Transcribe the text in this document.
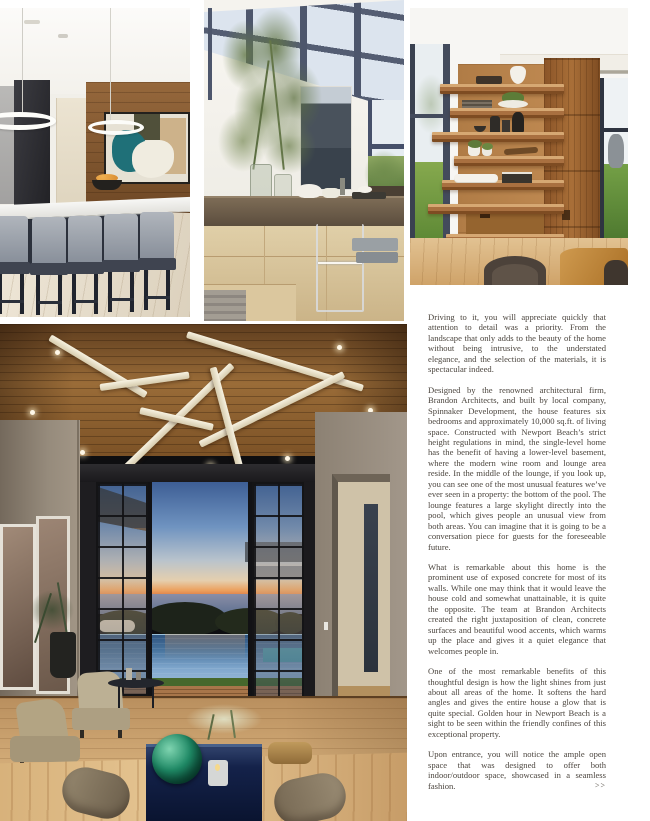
Driving to it, you will appreciate quickly that attention to detail was a priority. From the landscape that only adds to the beauty of the home without being intrusive, to the understated elegance, and the selection of the materials, it is spectacular indeed.

Designed by the renowned architectural firm, Brandon Architects, and built by local company, Spinnaker Development, the house features six bedrooms and approximately 10,000 sq.ft. of living space. Constructed with Newport Beach’s strict height regulations in mind, the single-level home has the benefit of having a lower-level basement, where the modern wine room and lounge area reside. In the middle of the lounge, if you look up, you can see one of the most unusual features we’ve ever seen in a property: the bottom of the pool. The lounge features a large skylight directly into the pool, which gives people an unusual view from both areas. You can imagine that it is going to be a conversation piece for guests for the foreseeable future.

What is remarkable about this home is the prominent use of exposed concrete for most of its walls. While one may think that it would leave the house cold and somewhat unattainable, it is quite the opposite. The team at Brandon Architects created the right juxtaposition of clean, concrete surfaces and beautiful wood accents, which warms up the place and gives it a quiet elegance that welcomes people in.

One of the most remarkable benefits of this thoughtful design is how the light shines from just about all areas of the home. It softens the hard angles and gives the entire house a glow that is quite special. Golden hour in Newport Beach is a sight to be seen within the friendly confines of this exceptional property.

Upon entrance, you will notice the ample open space that was designed to offer both indoor/outdoor space, showcased in a seamless fashion.	>>
